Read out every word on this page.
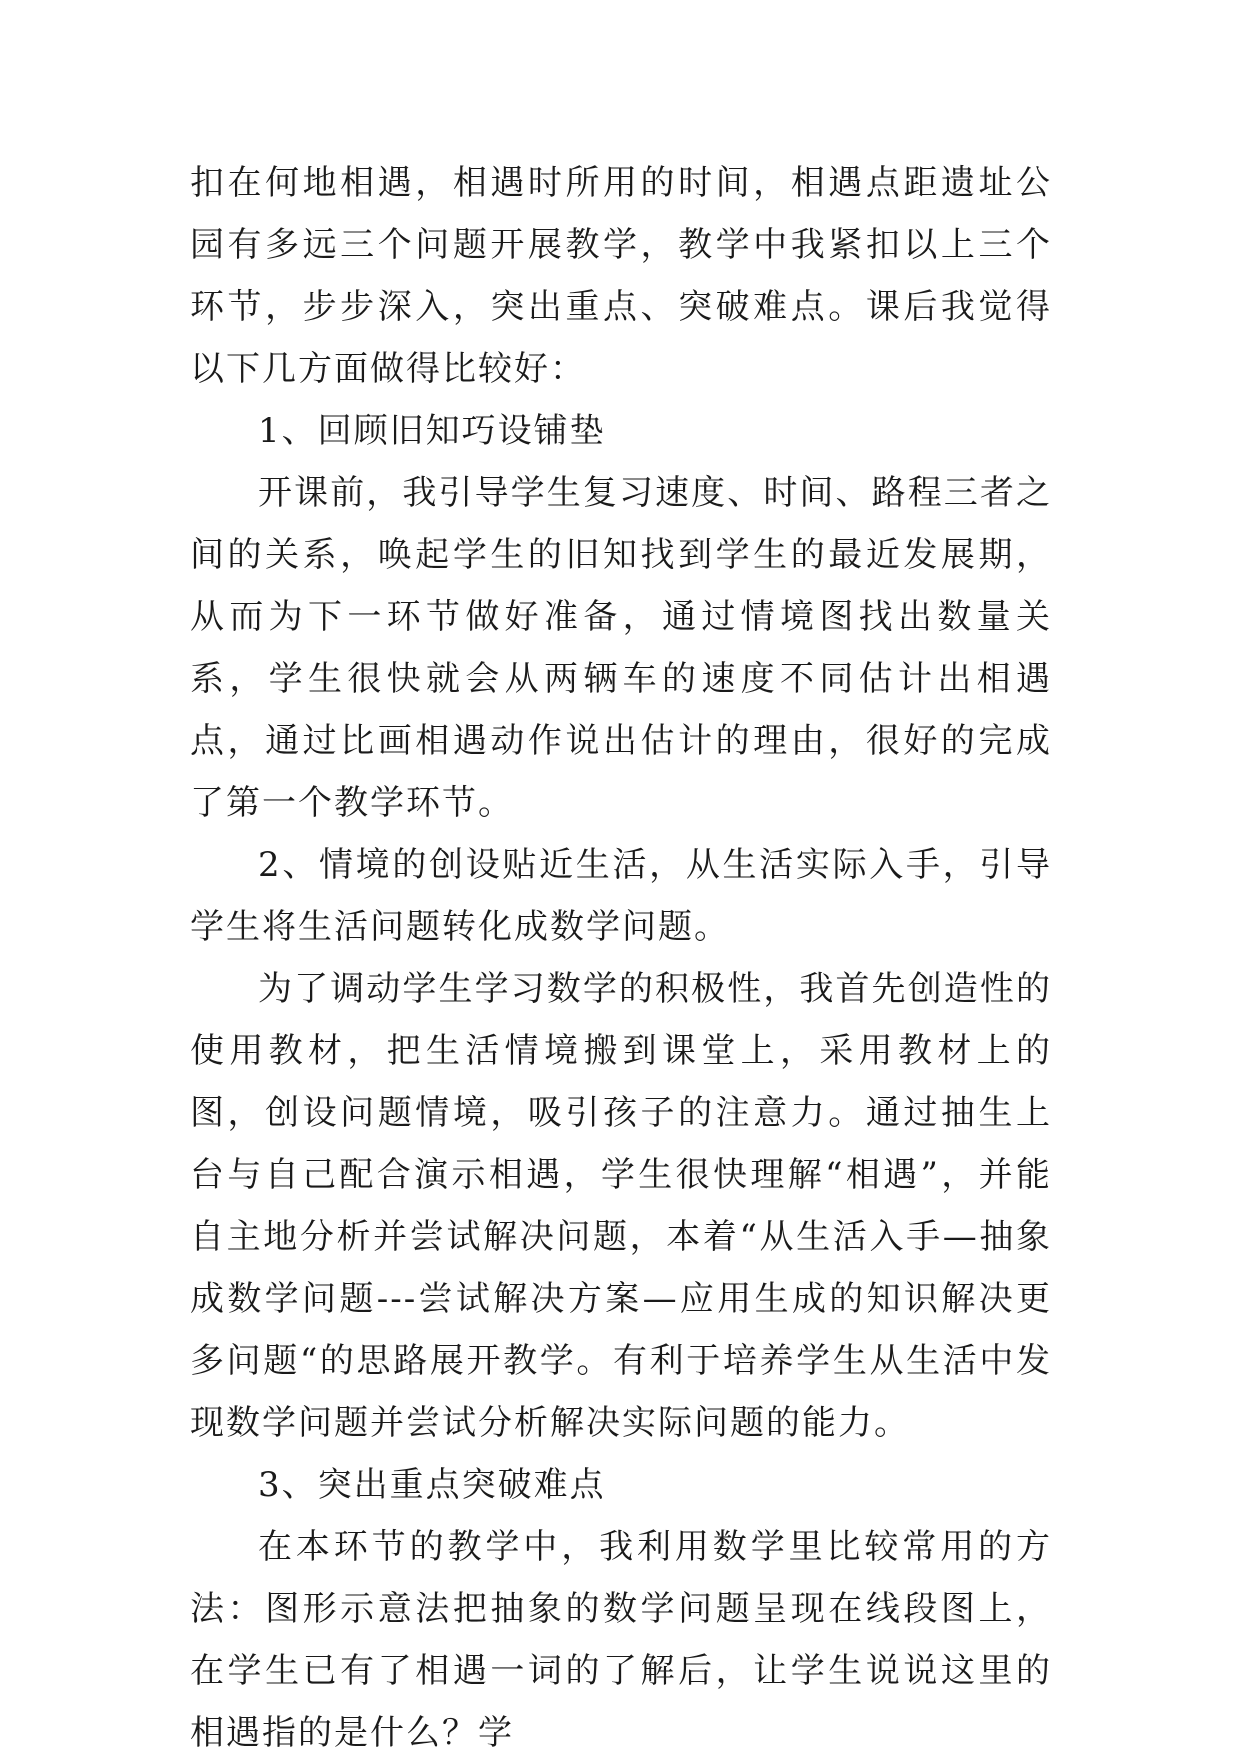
扣在何地相遇，相遇时所用的时间，相遇点距遗址公园有多远三个问题开展教学，教学中我紧扣以上三个环节，步步深入，突出重点、突破难点。课后我觉得以下几方面做得比较好：

1、回顾旧知巧设铺垫

开课前，我引导学生复习速度、时间、路程三者之间的关系，唤起学生的旧知找到学生的最近发展期，从而为下一环节做好准备，通过情境图找出数量关系，学生很快就会从两辆车的速度不同估计出相遇点，通过比画相遇动作说出估计的理由，很好的完成了第一个教学环节。

2、情境的创设贴近生活，从生活实际入手，引导学生将生活问题转化成数学问题。

为了调动学生学习数学的积极性，我首先创造性的使用教材，把生活情境搬到课堂上，采用教材上的图，创设问题情境，吸引孩子的注意力。通过抽生上台与自己配合演示相遇，学生很快理解“相遇”，并能自主地分析并尝试解决问题，本着“从生活入手—抽象成数学问题---尝试解决方案—应用生成的知识解决更多问题“的思路展开教学。有利于培养学生从生活中发现数学问题并尝试分析解决实际问题的能力。

3、突出重点突破难点

在本环节的教学中，我利用数学里比较常用的方法：图形示意法把抽象的数学问题呈现在线段图上，在学生已有了相遇一词的了解后，让学生说说这里的相遇指的是什么？学
